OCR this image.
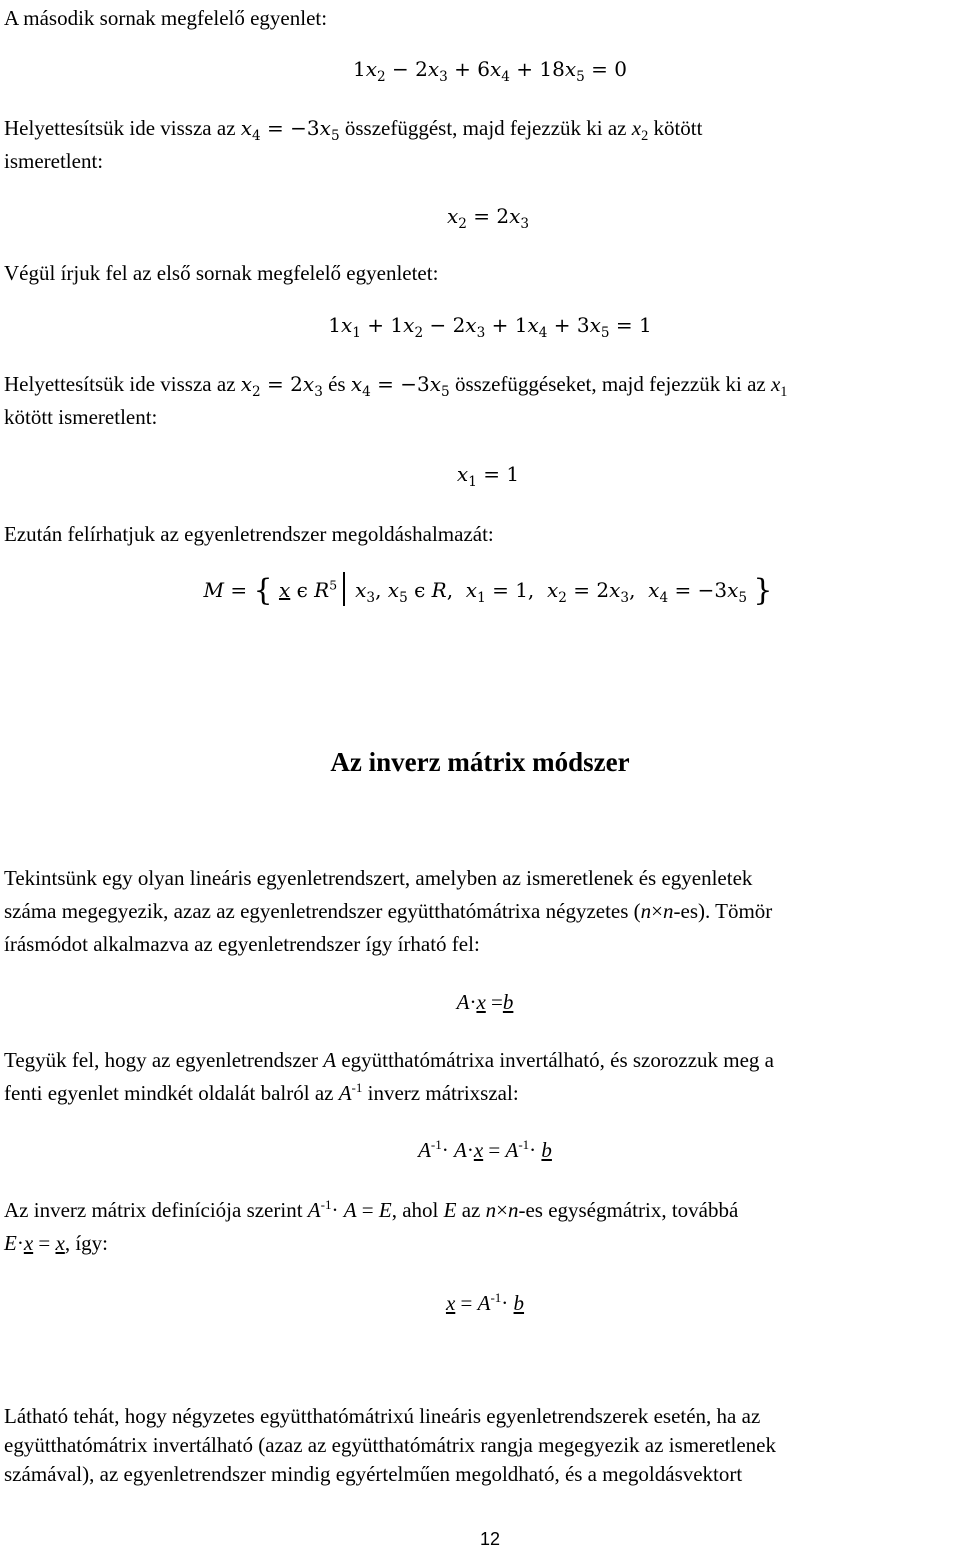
A második sornak megfelelő egyenlet:

$1x_2 - 2x_3 + 6x_4 + 18x_5 = 0$

Helyettesítsük ide vissza az $x_4 = -3x_5$ összefüggést, majd fejezzük ki az $x_2$ kötött
ismeretlent:

$x_2 = 2x_3$

Végül írjuk fel az első sornak megfelelő egyenletet:

$1x_1 + 1x_2 - 2x_3 + 1x_4 + 3x_5 = 1$

Helyettesítsük ide vissza az $x_2 = 2x_3$ és $x_4 = -3x_5$ összefüggéseket, majd fejezzük ki az $x_1$
kötött ismeretlent:

$x_1 = 1$

Ezután felírhatjuk az egyenletrendszer megoldáshalmazát:

M = { x ϵ $R^5$ $x_3$, $x_5$ ϵ R,  $x_1 = 1$,  $x_2 = 2x_3$,  $x_4 = -3x_5$ }
Az inverz mátrix módszer

Tekintsünk egy olyan lineáris egyenletrendszert, amelyben az ismeretlenek és egyenletek
száma megegyezik, azaz az egyenletrendszer együtthatómátrixa négyzetes (n×n-es). Tömör
írásmódot alkalmazva az egyenletrendszer így írható fel:

A·x =b

Tegyük fel, hogy az egyenletrendszer A együtthatómátrixa invertálható, és szorozzuk meg a
fenti egyenlet mindkét oldalát balról az $A^{-1}$ inverz mátrixszal:

$A^{-1}\cdot A\cdot x = A^{-1}\cdot b$

Az inverz mátrix definíciója szerint $A^{-1}\cdot A = E$, ahol E az n×n-es egységmátrix, továbbá
E·x = x, így:

$x = A^{-1}\cdot b$

Látható tehát, hogy négyzetes együtthatómátrixú lineáris egyenletrendszerek esetén, ha az
együtthatómátrix invertálható (azaz az együtthatómátrix rangja megegyezik az ismeretlenek
számával), az egyenletrendszer mindig egyértelműen megoldható, és a megoldásvektort

12
